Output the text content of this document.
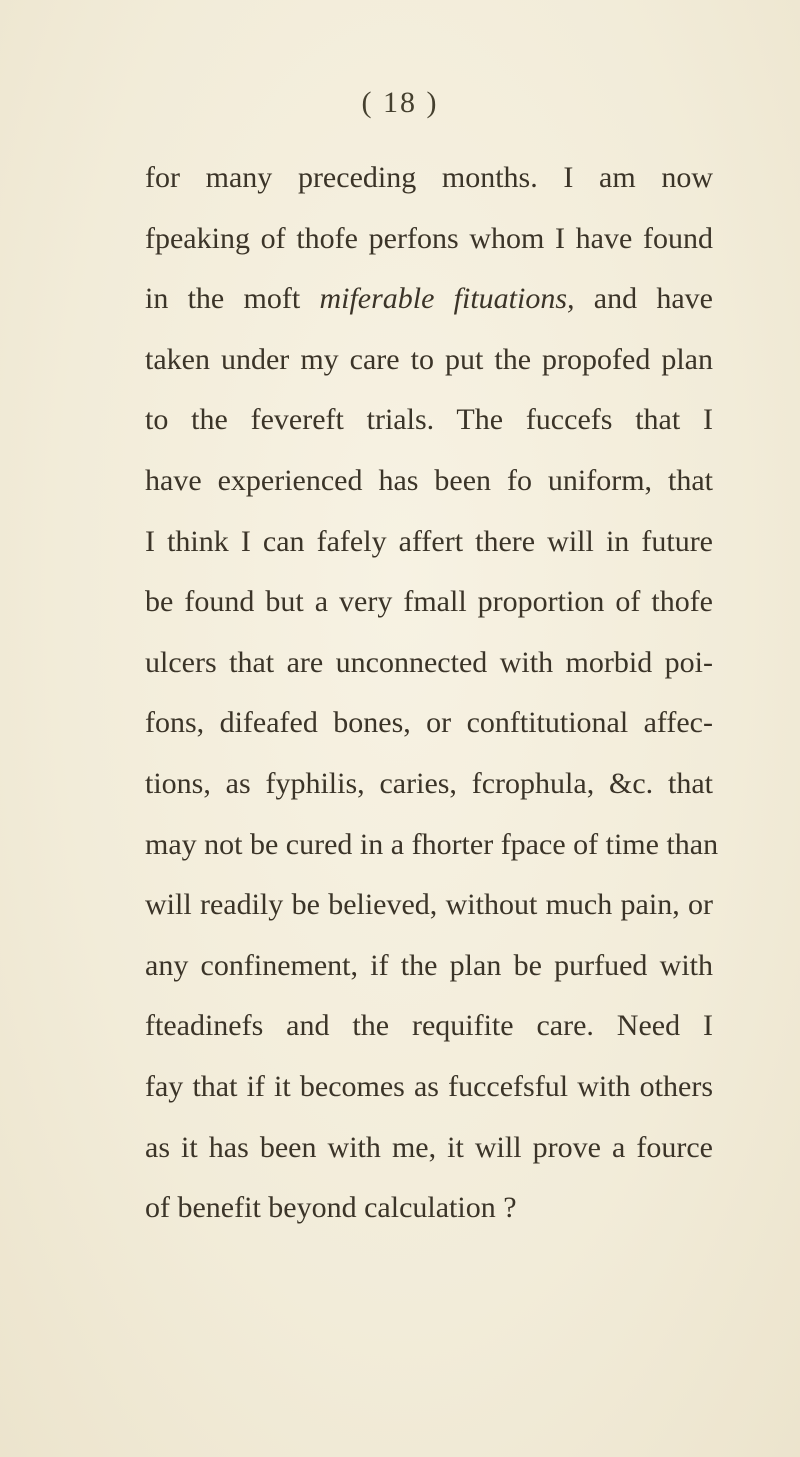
( 18 )
for many preceding months. I am now
fpeaking of thofe perfons whom I have found
in the moft miferable fituations, and have
taken under my care to put the propofed plan
to the fevereft trials. The fuccefs that I
have experienced has been fo uniform, that
I think I can fafely affert there will in future
be found but a very fmall proportion of thofe
ulcers that are unconnected with morbid poi-
fons, difeafed bones, or conftitutional affec-
tions, as fyphilis, caries, fcrophula, &c. that
may not be cured in a fhorter fpace of time than
will readily be believed, without much pain, or
any confinement, if the plan be purfued with
fteadinefs and the requifite care. Need I
fay that if it becomes as fuccefsful with others
as it has been with me, it will prove a fource
of benefit beyond calculation ?
